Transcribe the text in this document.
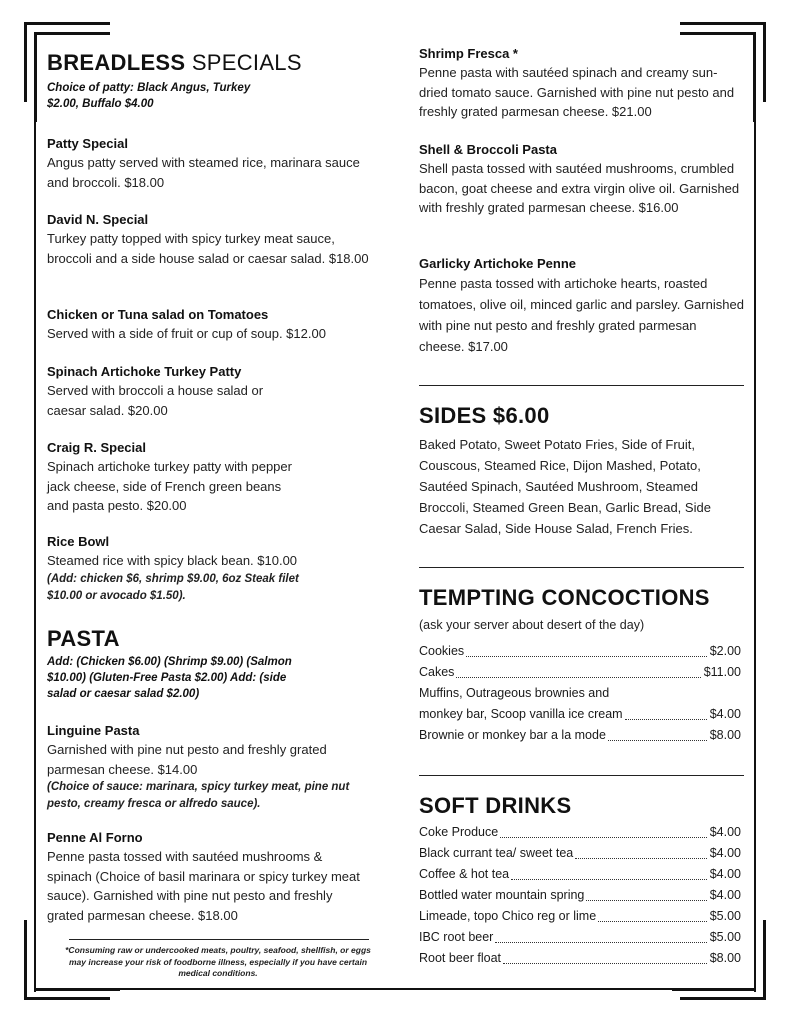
BREADLESS SPECIALS
Choice of patty: Black Angus, Turkey $2.00, Buffalo $4.00
Patty Special
Angus patty served with steamed rice, marinara sauce and broccoli. $18.00
David N. Special
Turkey patty topped with spicy turkey meat sauce, broccoli and a side house salad or caesar salad. $18.00
Chicken or Tuna salad on Tomatoes
Served with a side of fruit or cup of soup. $12.00
Spinach Artichoke Turkey Patty
Served with broccoli a house salad or caesar salad. $20.00
Craig R. Special
Spinach artichoke turkey patty with pepper jack cheese, side of French green beans and pasta pesto. $20.00
Rice Bowl
Steamed rice with spicy black bean. $10.00
(Add: chicken $6, shrimp $9.00, 6oz Steak filet $10.00 or avocado $1.50).
PASTA
Add: (Chicken $6.00) (Shrimp $9.00) (Salmon $10.00) (Gluten-Free Pasta $2.00) Add: (side salad or caesar salad $2.00)
Linguine Pasta
Garnished with pine nut pesto and freshly grated parmesan cheese. $14.00
(Choice of sauce: marinara, spicy turkey meat, pine nut pesto, creamy fresca or alfredo sauce).
Penne Al Forno
Penne pasta tossed with sautéed mushrooms & spinach (Choice of basil marinara or spicy turkey meat sauce). Garnished with pine nut pesto and freshly grated parmesan cheese. $18.00
*Consuming raw or undercooked meats, poultry, seafood, shellfish, or eggs may increase your risk of foodborne illness, especially if you have certain medical conditions.
Shrimp Fresca *
Penne pasta with sautéed spinach and creamy sun-dried tomato sauce. Garnished with pine nut pesto and freshly grated parmesan cheese. $21.00
Shell & Broccoli Pasta
Shell pasta tossed with sautéed mushrooms, crumbled bacon, goat cheese and extra virgin olive oil. Garnished with freshly grated parmesan cheese. $16.00
Garlicky Artichoke Penne
Penne pasta tossed with artichoke hearts, roasted tomatoes, olive oil, minced garlic and parsley. Garnished with pine nut pesto and freshly grated parmesan cheese. $17.00
SIDES $6.00
Baked Potato, Sweet Potato Fries, Side of Fruit, Couscous, Steamed Rice, Dijon Mashed, Potato, Sautéed Spinach, Sautéed Mushroom, Steamed Broccoli, Steamed Green Bean, Garlic Bread, Side Caesar Salad, Side House Salad, French Fries.
TEMPTING CONCOCTIONS
(ask your server about desert of the day)
Cookies	$2.00
Cakes	$11.00
Muffins, Outrageous brownies and
monkey bar, Scoop vanilla ice cream	$4.00
Brownie or monkey bar a la mode	$8.00
SOFT DRINKS
Coke Produce	$4.00
Black currant tea/ sweet tea	$4.00
Coffee & hot tea	$4.00
Bottled water mountain spring	$4.00
Limeade, topo Chico reg or lime	$5.00
IBC root beer	$5.00
Root beer float	$8.00
